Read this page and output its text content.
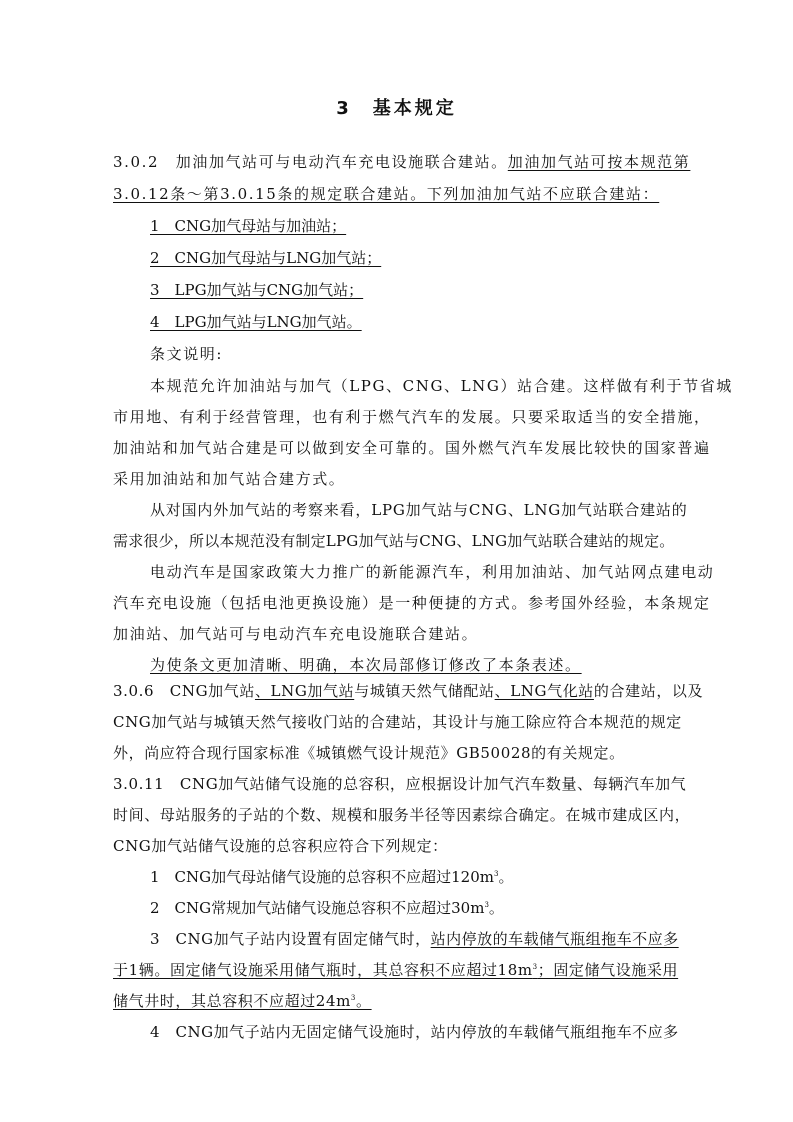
3　基本规定
3.0.2　加油加气站可与电动汽车充电设施联合建站。加油加气站可按本规范第
3.0.12条～第3.0.15条的规定联合建站。下列加油加气站不应联合建站：
1　CNG加气母站与加油站；
2　CNG加气母站与LNG加气站；
3　LPG加气站与CNG加气站；
4　LPG加气站与LNG加气站。
条文说明:
本规范允许加油站与加气（LPG、CNG、LNG）站合建。这样做有利于节省城
市用地、有利于经营管理，也有利于燃气汽车的发展。只要采取适当的安全措施，
加油站和加气站合建是可以做到安全可靠的。国外燃气汽车发展比较快的国家普遍
采用加油站和加气站合建方式。
从对国内外加气站的考察来看，LPG加气站与CNG、LNG加气站联合建站的
需求很少，所以本规范没有制定LPG加气站与CNG、LNG加气站联合建站的规定。
电动汽车是国家政策大力推广的新能源汽车，利用加油站、加气站网点建电动
汽车充电设施（包括电池更换设施）是一种便捷的方式。参考国外经验，本条规定
加油站、加气站可与电动汽车充电设施联合建站。
为使条文更加清晰、明确，本次局部修订修改了本条表述。
3.0.6　CNG加气站、LNG加气站与城镇天然气储配站、LNG气化站的合建站，以及
CNG加气站与城镇天然气接收门站的合建站，其设计与施工除应符合本规范的规定
外，尚应符合现行国家标准《城镇燃气设计规范》GB50028的有关规定。
3.0.11　CNG加气站储气设施的总容积，应根据设计加气汽车数量、每辆汽车加气
时间、母站服务的子站的个数、规模和服务半径等因素综合确定。在城市建成区内，
CNG加气站储气设施的总容积应符合下列规定：
1　CNG加气母站储气设施的总容积不应超过$120m^3$。
2　CNG常规加气站储气设施总容积不应超过$30m^3$。
3　CNG加气子站内设置有固定储气时，站内停放的车载储气瓶组拖车不应多
于1辆。固定储气设施采用储气瓶时，其总容积不应超过$18m^3$；固定储气设施采用
储气井时，其总容积不应超过$24m^3$。
4　CNG加气子站内无固定储气设施时，站内停放的车载储气瓶组拖车不应多
